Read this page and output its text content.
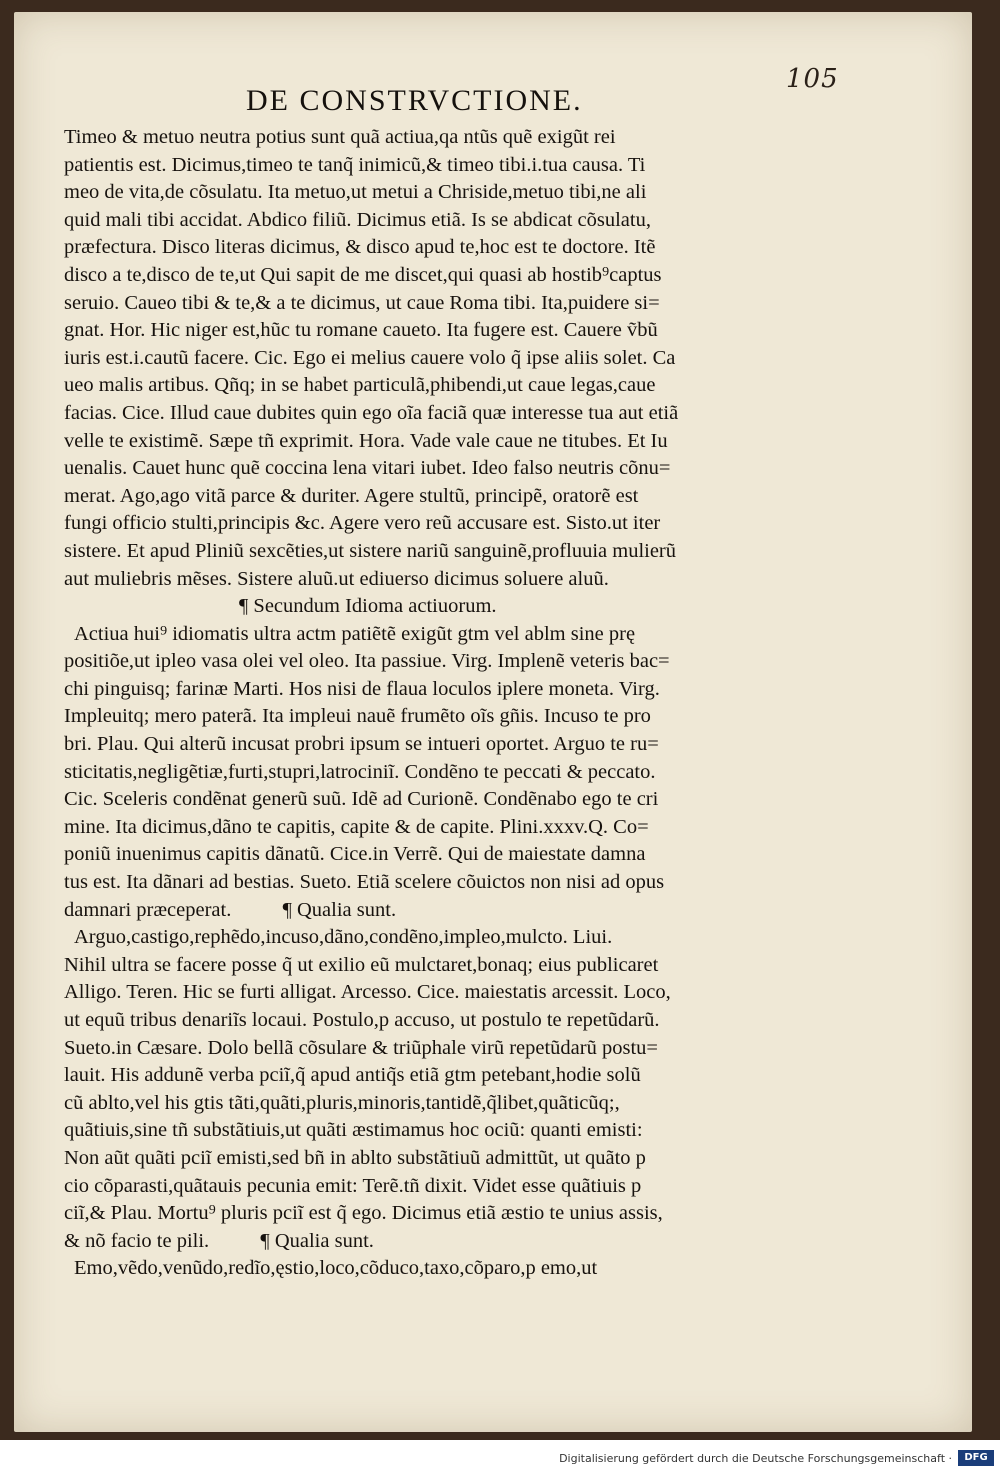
105
DE CONSTRVCTIONE.
Timeo & metuo neutra potius sunt quã actiua,qa ntũs quẽ exigũt rei
patientis est. Dicimus,timeo te tanq̃ inimicũ,& timeo tibi.i.tua causa. Ti
meo de vita,de cõsulatu. Ita metuo,ut metui a Chriside,metuo tibi,ne ali
quid mali tibi accidat. Abdico filiũ. Dicimus etiã. Is se abdicat cõsulatu,
præfectura. Disco literas dicimus, & disco apud te,hoc est te doctore. Itẽ
disco a te,disco de te,ut Qui sapit de me discet,qui quasi ab hostib⁹captus
seruio. Caueo tibi & te,& a te dicimus, ut caue Roma tibi. Ita,puidere si=
gnat. Hor. Hic niger est,hũc tu romane caueto. Ita fugere est. Cauere ṽbũ
iuris est.i.cautũ facere. Cic. Ego ei melius cauere volo q̃ ipse aliis solet. Ca
ueo malis artibus. Qñq; in se habet particulã,phibendi,ut caue legas,caue
facias. Cice. Illud caue dubites quin ego oĩa faciã quæ interesse tua aut etiã
velle te existimẽ. Sæpe tñ exprimit. Hora. Vade vale caue ne titubes. Et Iu
uenalis. Cauet hunc quẽ coccina lena vitari iubet. Ideo falso neutris cõnu=
merat. Ago,ago vitã parce & duriter. Agere stultũ, principẽ, oratorẽ est
fungi officio stulti,principis &c. Agere vero reũ accusare est. Sisto.ut iter
sistere. Et apud Pliniũ sexcẽties,ut sistere nariũ sanguinẽ,profluuia mulierũ
aut muliebris mẽses. Sistere aluũ.ut ediuerso dicimus soluere aluũ.
¶ Secundum Idioma actiuorum.
Actiua hui⁹ idiomatis ultra actm patiẽtẽ exigũt gtm vel ablm sine prę
positiõe,ut ipleo vasa olei vel oleo. Ita passiue. Virg. Implenẽ veteris bac=
chi pinguisq; farinæ Marti. Hos nisi de flaua loculos iplere moneta. Virg.
Impleuitq; mero paterã. Ita impleui nauẽ frumẽto oĩs gñis. Incuso te pro
bri. Plau. Qui alterũ incusat probri ipsum se intueri oportet. Arguo te ru=
sticitatis,negligẽtiæ,furti,stupri,latrociniĩ. Condẽno te peccati & peccato.
Cic. Sceleris condẽnat generũ suũ. Idẽ ad Curionẽ. Condẽnabo ego te cri
mine. Ita dicimus,dãno te capitis, capite & de capite. Plini.xxxv.Q. Co=
poniũ inuenimus capitis dãnatũ. Cice.in Verrẽ. Qui de maiestate damna
tus est. Ita dãnari ad bestias. Sueto. Etiã scelere cõuictos non nisi ad opus
damnari præceperat.          ¶ Qualia sunt.
Arguo,castigo,rephẽdo,incuso,dãno,condẽno,impleo,mulcto. Liui.
Nihil ultra se facere posse q̃ ut exilio eũ mulctaret,bonaq; eius publicaret
Alligo. Teren. Hic se furti alligat. Arcesso. Cice. maiestatis arcessit. Loco,
ut equũ tribus denariĩs locaui. Postulo,p accuso, ut postulo te repetũdarũ.
Sueto.in Cæsare. Dolo bellã cõsulare & triũphale virũ repetũdarũ postu=
lauit. His addunẽ verba pciĩ,q̃ apud antiq̃s etiã gtm petebant,hodie solũ
cũ ablto,vel his gtis tãti,quãti,pluris,minoris,tantidẽ,q̃libet,quãticũq;,
quãtiuis,sine tñ substãtiuis,ut quãti æstimamus hoc ociũ: quanti emisti:
Non aũt quãti pciĩ emisti,sed bñ in ablto substãtiuũ admittũt, ut quãto p
cio cõparasti,quãtauis pecunia emit: Terẽ.tñ dixit. Videt esse quãtiuis p
ciĩ,& Plau. Mortu⁹ pluris pciĩ est q̃ ego. Dicimus etiã æstio te unius assis,
& nõ facio te pili.          ¶ Qualia sunt.
Emo,vẽdo,venũdo,redĩo,ęstio,loco,cõduco,taxo,cõparo,p emo,ut
Digitalisierung gefördert durch die Deutsche Forschungsgemeinschaft ·	DFG
